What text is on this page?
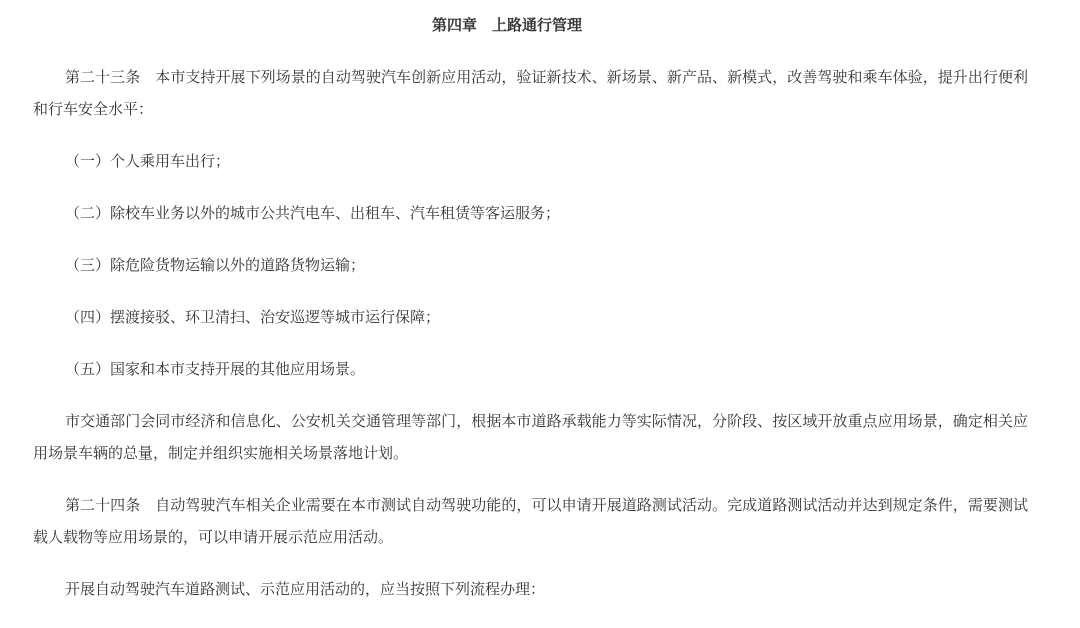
第四章　上路通行管理

第二十三条　本市支持开展下列场景的自动驾驶汽车创新应用活动，验证新技术、新场景、新产品、新模式，改善驾驶和乘车体验，提升出行便利和行车安全水平：

（一）个人乘用车出行；

（二）除校车业务以外的城市公共汽电车、出租车、汽车租赁等客运服务；

（三）除危险货物运输以外的道路货物运输；

（四）摆渡接驳、环卫清扫、治安巡逻等城市运行保障；

（五）国家和本市支持开展的其他应用场景。

市交通部门会同市经济和信息化、公安机关交通管理等部门，根据本市道路承载能力等实际情况，分阶段、按区域开放重点应用场景，确定相关应用场景车辆的总量，制定并组织实施相关场景落地计划。

第二十四条　自动驾驶汽车相关企业需要在本市测试自动驾驶功能的，可以申请开展道路测试活动。完成道路测试活动并达到规定条件，需要测试载人载物等应用场景的，可以申请开展示范应用活动。

开展自动驾驶汽车道路测试、示范应用活动的，应当按照下列流程办理：
